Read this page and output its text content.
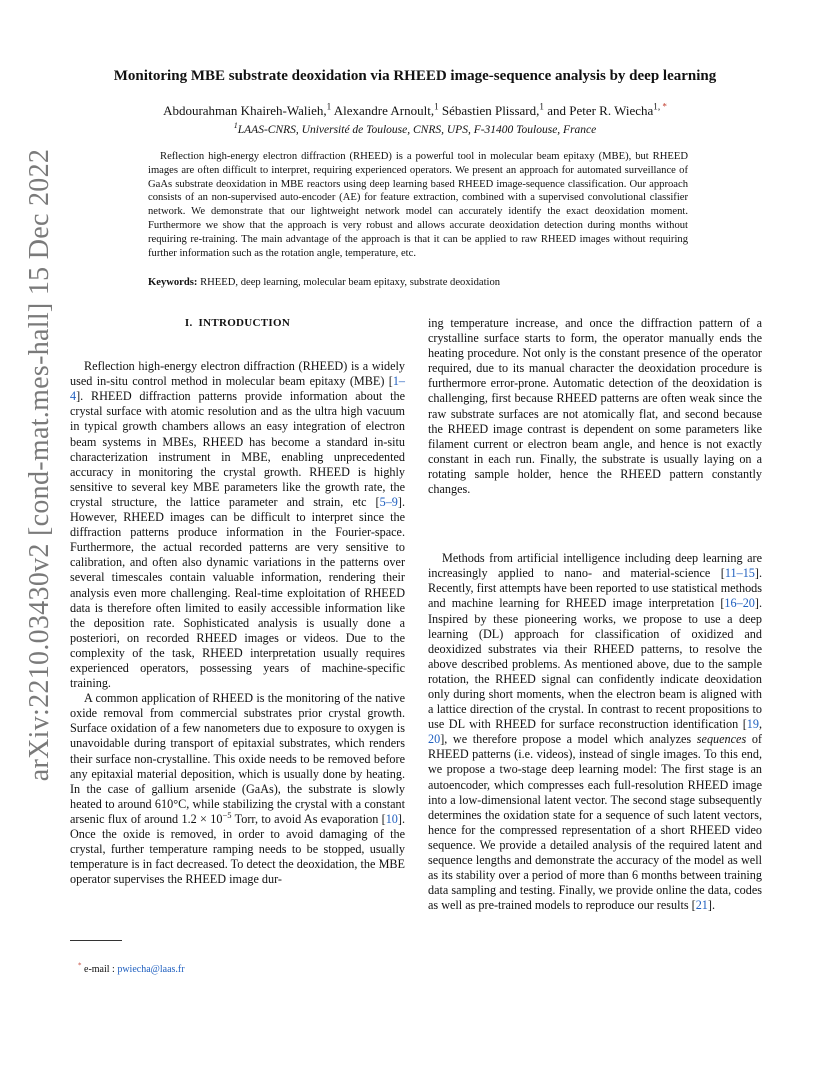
arXiv:2210.03430v2 [cond-mat.mes-hall] 15 Dec 2022
Monitoring MBE substrate deoxidation via RHEED image-sequence analysis by deep learning
Abdourahman Khaireh-Walieh,$^1$ Alexandre Arnoult,$^1$ Sébastien Plissard,$^1$ and Peter R. Wiecha$^{1, *}$
$^1$LAAS-CNRS, Université de Toulouse, CNRS, UPS, F-31400 Toulouse, France

Reflection high-energy electron diffraction (RHEED) is a powerful tool in molecular beam epitaxy (MBE), but RHEED images are often difficult to interpret, requiring experienced operators. We present an approach for automated surveillance of GaAs substrate deoxidation in MBE reactors using deep learning based RHEED image-sequence classification. Our approach consists of an non-supervised auto-encoder (AE) for feature extraction, combined with a supervised convolutional classifier network. We demonstrate that our lightweight network model can accurately identify the exact deoxidation moment. Furthermore we show that the approach is very robust and allows accurate deoxidation detection during months without requiring re-training. The main advantage of the approach is that it can be applied to raw RHEED images without requiring further information such as the rotation angle, temperature, etc.

Keywords: RHEED, deep learning, molecular beam epitaxy, substrate deoxidation

I. INTRODUCTION

Reflection high-energy electron diffraction (RHEED) is a widely used in-situ control method in molecular beam epitaxy (MBE) [1–4]. RHEED diffraction patterns provide information about the crystal surface with atomic resolution and as the ultra high vacuum in typical growth chambers allows an easy integration of electron beam systems in MBEs, RHEED has become a standard in-situ characterization instrument in MBE, enabling unprecedented accuracy in monitoring the crystal growth. RHEED is highly sensitive to several key MBE parameters like the growth rate, the crystal structure, the lattice parameter and strain, etc [5–9]. However, RHEED images can be difficult to interpret since the diffraction patterns produce information in the Fourier-space. Furthermore, the actual recorded patterns are very sensitive to calibration, and often also dynamic variations in the patterns over several timescales contain valuable information, rendering their analysis even more challenging. Real-time exploitation of RHEED data is therefore often limited to easily accessible information like the deposition rate. Sophisticated analysis is usually done a posteriori, on recorded RHEED images or videos. Due to the complexity of the task, RHEED interpretation usually requires experienced operators, possessing years of machine-specific training.

A common application of RHEED is the monitoring of the native oxide removal from commercial substrates prior crystal growth. Surface oxidation of a few nanometers due to exposure to oxygen is unavoidable during transport of epitaxial substrates, which renders their surface non-crystalline. This oxide needs to be removed before any epitaxial material deposition, which is usually done by heating. In the case of gallium arsenide (GaAs), the substrate is slowly heated to around 610°C, while stabilizing the crystal with a constant arsenic flux of around $1.2 \times 10^{-5}$ Torr, to avoid As evaporation [10]. Once the oxide is removed, in order to avoid damaging of the crystal, further temperature ramping needs to be stopped, usually temperature is in fact decreased. To detect the deoxidation, the MBE operator supervises the RHEED image dur-

ing temperature increase, and once the diffraction pattern of a crystalline surface starts to form, the operator manually ends the heating procedure. Not only is the constant presence of the operator required, due to its manual character the deoxidation procedure is furthermore error-prone. Automatic detection of the deoxidation is challenging, first because RHEED patterns are often weak since the raw substrate surfaces are not atomically flat, and second because the RHEED image contrast is dependent on some parameters like filament current or electron beam angle, and hence is not exactly constant in each run. Finally, the substrate is usually laying on a rotating sample holder, hence the RHEED pattern constantly changes.

Methods from artificial intelligence including deep learning are increasingly applied to nano- and material-science [11–15]. Recently, first attempts have been reported to use statistical methods and machine learning for RHEED image interpretation [16–20]. Inspired by these pioneering works, we propose to use a deep learning (DL) approach for classification of oxidized and deoxidized substrates via their RHEED patterns, to resolve the above described problems. As mentioned above, due to the sample rotation, the RHEED signal can confidently indicate deoxidation only during short moments, when the electron beam is aligned with a lattice direction of the crystal. In contrast to recent propositions to use DL with RHEED for surface reconstruction identification [19, 20], we therefore propose a model which analyzes sequences of RHEED patterns (i.e. videos), instead of single images. To this end, we propose a two-stage deep learning model: The first stage is an autoencoder, which compresses each full-resolution RHEED image into a low-dimensional latent vector. The second stage subsequently determines the oxidation state for a sequence of such latent vectors, hence for the compressed representation of a short RHEED video sequence. We provide a detailed analysis of the required latent and sequence lengths and demonstrate the accuracy of the model as well as its stability over a period of more than 6 months between training data sampling and testing. Finally, we provide online the data, codes as well as pre-trained models to reproduce our results [21].

* e-mail : pwiecha@laas.fr
